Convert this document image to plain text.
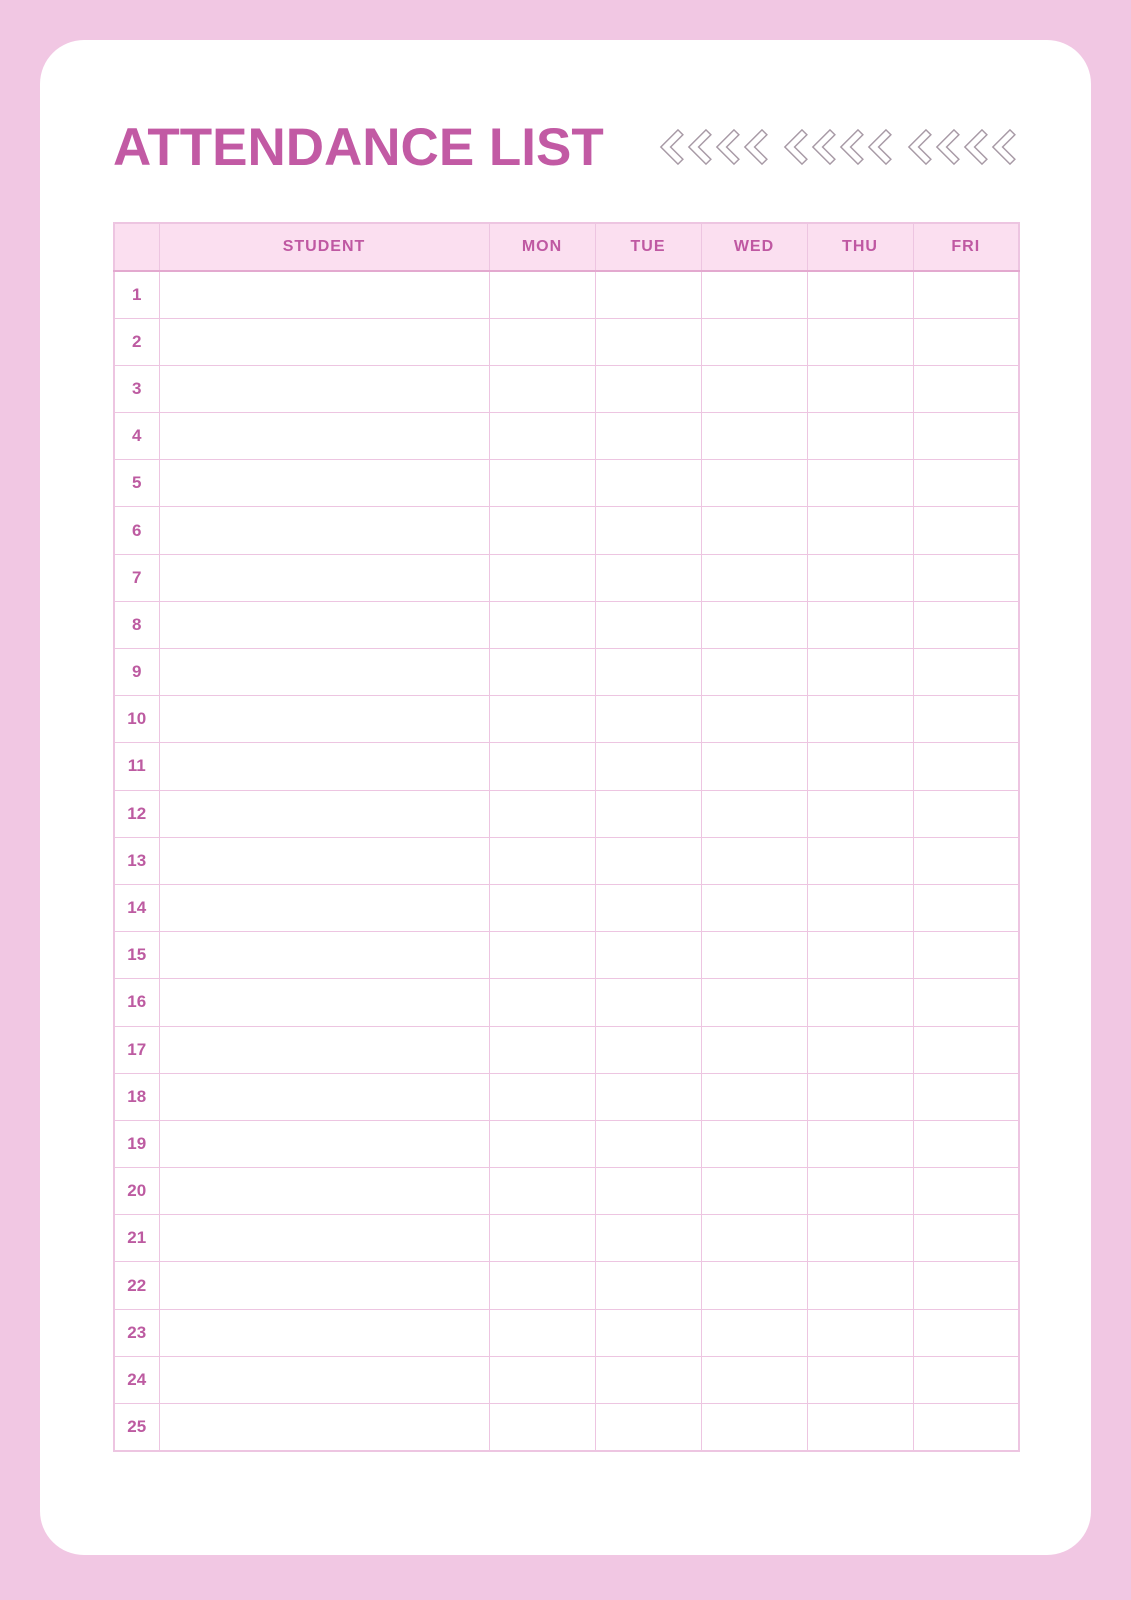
ATTENDANCE LIST
	STUDENT	MON	TUE	WED	THU	FRI
1						
2						
3						
4						
5						
6						
7						
8						
9						
10						
11						
12						
13						
14						
15						
16						
17						
18						
19						
20						
21						
22						
23						
24						
25						
